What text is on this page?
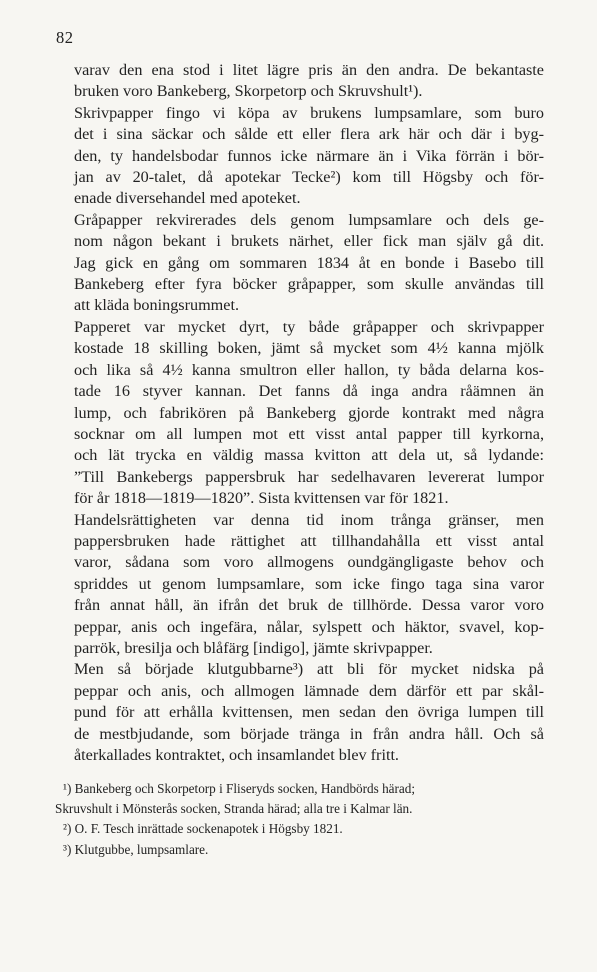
82

varav den ena stod i litet lägre pris än den andra. De bekantaste
bruken voro Bankeberg, Skorpetorp och Skruvshult¹).

Skrivpapper fingo vi köpa av brukens lumpsamlare, som buro
det i sina säckar och sålde ett eller flera ark här och där i byg-
den, ty handelsbodar funnos icke närmare än i Vika förrän i bör-
jan av 20-talet, då apotekar Tecke²) kom till Högsby och för-
enade diversehandel med apoteket.

Gråpapper rekvirerades dels genom lumpsamlare och dels ge-
nom någon bekant i brukets närhet, eller fick man själv gå dit.
Jag gick en gång om sommaren 1834 åt en bonde i Basebo till
Bankeberg efter fyra böcker gråpapper, som skulle användas till
att kläda boningsrummet.

Papperet var mycket dyrt, ty både gråpapper och skrivpapper
kostade 18 skilling boken, jämt så mycket som 4½ kanna mjölk
och lika så 4½ kanna smultron eller hallon, ty båda delarna kos-
tade 16 styver kannan. Det fanns då inga andra råämnen än
lump, och fabrikören på Bankeberg gjorde kontrakt med några
socknar om all lumpen mot ett visst antal papper till kyrkorna,
och lät trycka en väldig massa kvitton att dela ut, så lydande:
”Till Bankebergs pappersbruk har sedelhavaren levererat lumpor
för år 1818—1819—1820”. Sista kvittensen var för 1821.

Handelsrättigheten var denna tid inom trånga gränser, men
pappersbruken hade rättighet att tillhandahålla ett visst antal
varor, sådana som voro allmogens oundgängligaste behov och
spriddes ut genom lumpsamlare, som icke fingo taga sina varor
från annat håll, än ifrån det bruk de tillhörde. Dessa varor voro
peppar, anis och ingefära, nålar, sylspett och häktor, svavel, kop-
parrök, bresilja och blåfärg [indigo], jämte skrivpapper.

Men så började klutgubbarne³) att bli för mycket nidska på
peppar och anis, och allmogen lämnade dem därför ett par skål-
pund för att erhålla kvittensen, men sedan den övriga lumpen till
de mestbjudande, som började tränga in från andra håll. Och så
återkallades kontraktet, och insamlandet blev fritt.

¹) Bankeberg och Skorpetorp i Fliseryds socken, Handbörds härad;
Skruvshult i Mönsterås socken, Stranda härad; alla tre i Kalmar län.
²) O. F. Tesch inrättade sockenapotek i Högsby 1821.
³) Klutgubbe, lumpsamlare.
